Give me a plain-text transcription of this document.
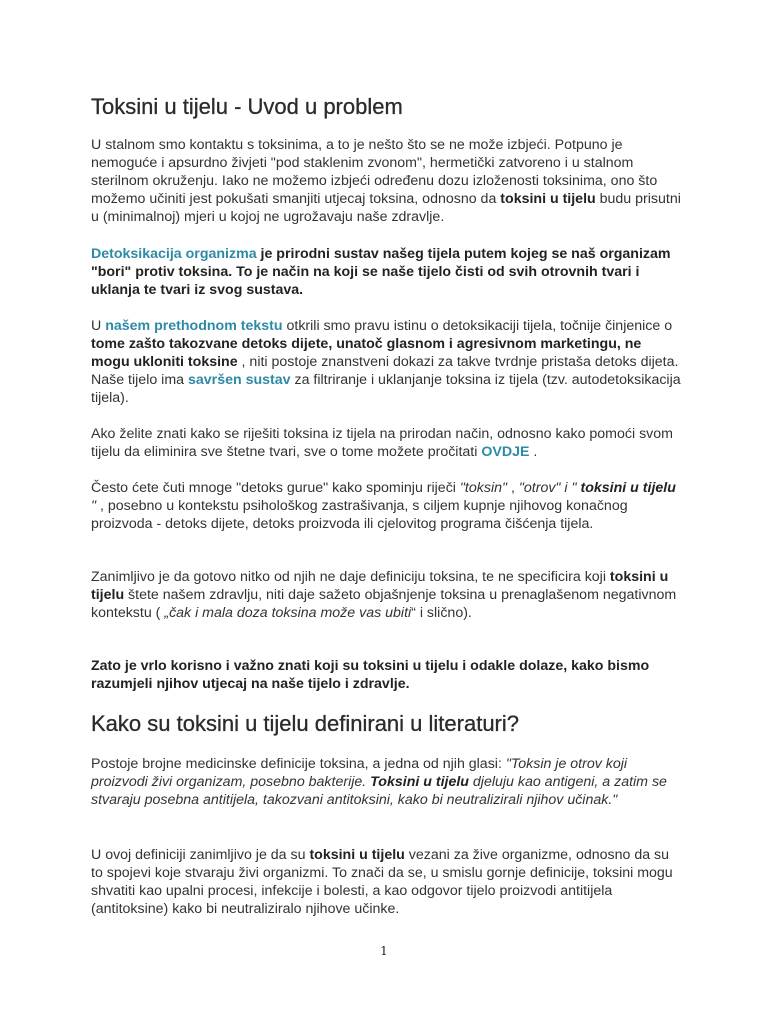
Toksini u tijelu - Uvod u problem

U stalnom smo kontaktu s toksinima, a to je nešto što se ne može izbjeći. Potpuno je nemoguće i apsurdno živjeti "pod staklenim zvonom", hermetički zatvoreno i u stalnom sterilnom okruženju. Iako ne možemo izbjeći određenu dozu izloženosti toksinima, ono što možemo učiniti jest pokušati smanjiti utjecaj toksina, odnosno da toksini u tijelu budu prisutni u (minimalnoj) mjeri u kojoj ne ugrožavaju naše zdravlje.

Detoksikacija organizma je prirodni sustav našeg tijela putem kojeg se naš organizam "bori" protiv toksina. To je način na koji se naše tijelo čisti od svih otrovnih tvari i uklanja te tvari iz svog sustava.

U našem prethodnom tekstu otkrili smo pravu istinu o detoksikaciji tijela, točnije činjenice o tome zašto takozvane detoks dijete, unatoč glasnom i agresivnom marketingu, ne mogu ukloniti toksine , niti postoje znanstveni dokazi za takve tvrdnje pristaša detoks dijeta. Naše tijelo ima savršen sustav za filtriranje i uklanjanje toksina iz tijela (tzv. autodetoksikacija tijela).

Ako želite znati kako se riješiti toksina iz tijela na prirodan način, odnosno kako pomoći svom tijelu da eliminira sve štetne tvari, sve o tome možete pročitati OVDJE .

Često ćete čuti mnoge "detoks gurue" kako spominju riječi "toksin" , "otrov" i " toksini u tijelu " , posebno u kontekstu psihološkog zastrašivanja, s ciljem kupnje njihovog konačnog proizvoda - detoks dijete, detoks proizvoda ili cjelovitog programa čišćenja tijela.

Zanimljivo je da gotovo nitko od njih ne daje definiciju toksina, te ne specificira koji toksini u tijelu štete našem zdravlju, niti daje sažeto objašnjenje toksina u prenaglašenom negativnom kontekstu ( „čak i mala doza toksina može vas ubiti“ i slično).

Zato je vrlo korisno i važno znati koji su toksini u tijelu i odakle dolaze, kako bismo razumjeli njihov utjecaj na naše tijelo i zdravlje.

Kako su toksini u tijelu definirani u literaturi?

Postoje brojne medicinske definicije toksina, a jedna od njih glasi: "Toksin je otrov koji proizvodi živi organizam, posebno bakterije. Toksini u tijelu djeluju kao antigeni, a zatim se stvaraju posebna antitijela, takozvani antitoksini, kako bi neutralizirali njihov učinak."

U ovoj definiciji zanimljivo je da su toksini u tijelu vezani za žive organizme, odnosno da su to spojevi koje stvaraju živi organizmi. To znači da se, u smislu gornje definicije, toksini mogu shvatiti kao upalni procesi, infekcije i bolesti, a kao odgovor tijelo proizvodi antitijela (antitoksine) kako bi neutraliziralo njihove učinke.

1
